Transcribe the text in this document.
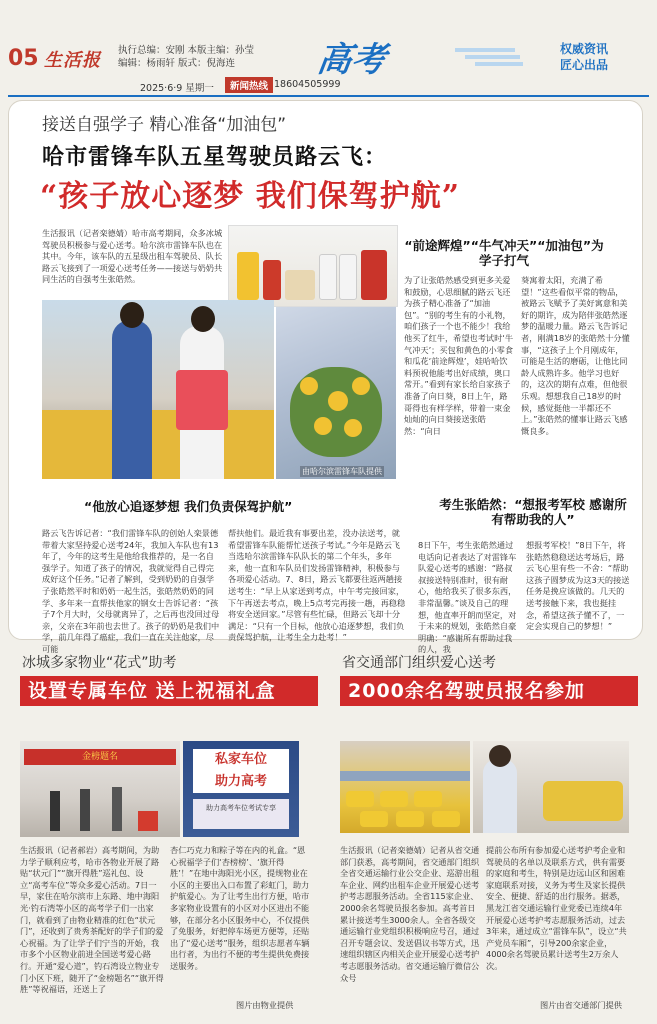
05 生活报 执行总编：安刚 本版主编：孙莹
编辑：杨雨轩 版式：倪海连	高考	权威资讯
匠心出品
2025·6·9 星期一	新闻热线 18604505999
接送自强学子 精心准备“加油包”
哈市雷锋车队五星驾驶员路云飞：
“孩子放心逐梦 我们保驾护航”
生活报讯（记者栾德婧）哈市高考期间，众多冰城驾驶员积极参与爱心送考。哈尔滨市雷锋车队也在其中。今年，该车队的五星级出租车驾驶员、队长路云飞接到了一项爱心送考任务——接送与奶奶共同生活的自强考生张皓然。
由哈尔滨雷锋车队提供
“前途辉煌”“牛气冲天”“加油包”为学子打气
为了让张皓然感受到更多关爱和鼓励，心思细腻的路云飞还为孩子精心准备了“加油包”。“别的考生有的小礼物，咱们孩子一个也不能少！我给他买了红牛，希望也考试时‘牛气冲天’；买包和黄色的小零食和瓜花‘前途辉煌’，娃哈哈饮料预祝他能考出好成绩，奥口常开。”看到有家长给自家孩子准备了向日葵，8日上午，路哥得也有样学样，带着一束金灿灿的向日葵接送张皓然：“向日
葵寓着太阳，充满了希望！”这些看似平常的物品，被路云飞赋予了美好寓意和美好的期许，成为陪伴张皓然逐梦的温暖力量。路云飞告诉记者，刚满18岁的张皓然十分懂事，“这孩子上个月刚成年，可能是生活的磨砺，让他比同龄人成熟许多。他学习也好的，这次的期有点难，但他很乐观。想想我自己18岁的时候，感觉挺他一半都还不上。”张皓然的懂事让路云飞感慨良多。
“他放心追逐梦想 我们负责保驾护航”
路云飞告诉记者：“我们雷锋车队的创始人栾景德带着大家坚持爱心送考24年，我加入车队也有13年了，今年的这考生是他给我推荐的，是一名自强学子。知道了孩子的情况，我就觉得自己得完成好这个任务。”记者了解到，受到奶奶的自强学子张皓然平时和奶奶一起生活，张皓然奶奶的同学、多年来一直帮扶他家的钢女士告诉记者：“孩子7个月大时，父母就离异了，之后再也没回过母亲，父亲在3年前也去世了。孩子的奶奶是我们中学，前几年得了癌症，我们一直在关注他家，尽可能
帮扶他们。最近我有事要出差，没办法送考，就希望雷锋车队能帮忙送孩子考试。”今年是路云飞当选哈尔滨雷锋车队队长的第二个年头，多年来，他一直和车队员们发扬雷锋精神，积极参与各项爱心活动。7、8日，路云飞都要往返两趟接送考生：“早上从家送到考点，中午考完接回家，下午再送去考点，晚上5点考完再接一趟，再稳稳将安全送回家。”尽管有些忙碌，但路云飞却十分满足：“只有一个目标，他放心追逐梦想，我们负责保驾护航，让考生全力赴考！”
考生张皓然：“想报考军校 感谢所有帮助我的人”
8日下午，考生张皓然通过电话向记者表达了对雷锋车队爱心送考的感谢：“路叔叔接送特别准时，很有耐心，他给我买了很多东西，非常温馨。”谈及自己的理想，他直率开朗而坚定，对于未来的规划，张皓然自豪明确：“感谢所有帮助过我的人，我
想报考军校！”8日下午，将张皓然稳稳送达考场后，路云飞心里有些一不舍：“帮助这孩子圆梦成为这3天的接送任务是挽应该做的。几天的送考接触下来，我也挺挂念，希望这孩子懂不了，一定会实现自己的梦想！”
冰城多家物业“花式”助考
设置专属车位 送上祝福礼盒
金榜题名	私家车位
助力高考
助力高考车位考试专享
生活报讯（记者郝岩）高考期间，为助力学子顺利应考，哈市各物业开展了路贴“状元门”“旗开得胜”巡礼包、设立“高考车位”等众多爱心活动。7日一早，家住在哈尔滨市上东路、地中海阳光·钓石湾等小区的高考学子们一出家门，就看到了由物业精准的红色“状元门”，还收到了贵秀茶配好的学子们的爱心祝福。为了让学子们宁当的开始，我市多个小区物业前进全国送考爱心路行。开通“爱心道”，钓石湾设立物业专门小区下班，随开了“金榜题名”“旗开得胜”等祝福语，还送上了
杏仁巧克力和粽子等在内的礼盒。“恩心祝福学子们‘杏榜榜’、‘旗开得胜’！”在地中海阳光小区，提规物业在小区的主要出入口布置了彩虹门，助力护航爱心。为了让考生出行方便，哈市多家物业设置有的小区对小区进出不能够，在部分名小区服务中心，不仅提供了免服务，好把停车场更方便等，还贴出了“爱心送考”服务，组织志愿者车辆出行者，为出行不便的考生提供免费接送服务。
图片由物业提供
省交通部门组织爱心送考
2000余名驾驶员报名参加
生活报讯（记者栾德婧）记者从省交通部门获悉，高考期间，省交通部门组织全省交通运输行业公交企业、巡游出租车企业、网约出租车企业开展爱心送考护考志愿服务活动。全省115家企业、2000余名驾驶员报名参加。高考首日累计接送考生3000余人。全省各级交通运输行业党组织积极响应号召，通过召开专题会议、发送倡议书等方式，迅速组织辖区内相关企业开展爱心送考护考志愿服务活动。省交通运输厅微信公众号
提前公布所有参加爱心送考护考企业和驾驶员的名单以及联系方式，供有需要的家庭和考生，特别是边远山区和困难家庭联系对接，义务为考生及家长提供安全、便捷、舒适的出行服务。据悉，黑龙江省交通运输行业党委已连续4年开展爱心送考护考志愿服务活动，过去3年来，通过成立“雷锋车队”，设立“共产党员车厢”，引导200余家企业，4000余名驾驶员累计送考生2万余人次。
图片由省交通部门提供
